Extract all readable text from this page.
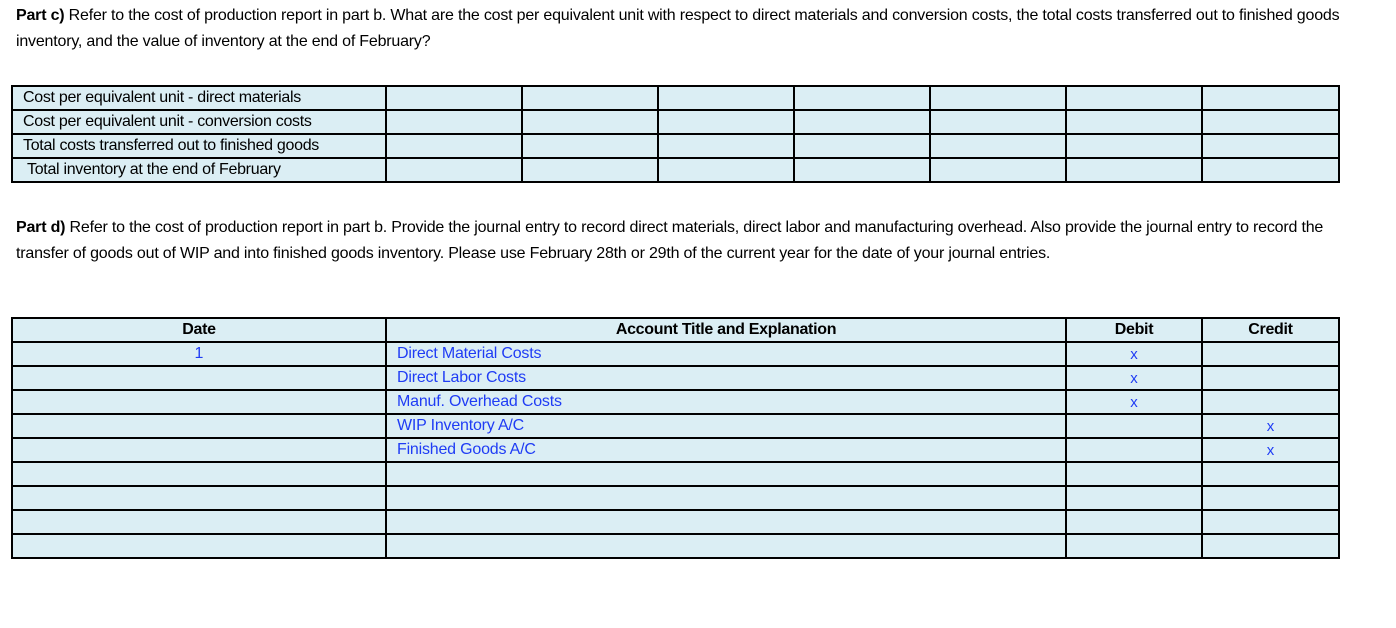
Part c) Refer to the cost of production report in part b. What are the cost per equivalent unit with respect to direct materials and conversion costs, the total costs transferred out to finished goods inventory, and the value of inventory at the end of February?
Cost per equivalent unit - direct materials							
Cost per equivalent unit - conversion costs							
Total costs transferred out to finished goods							
Total inventory at the end of February							
Part d) Refer to the cost of production report in part b. Provide the journal entry to record direct materials, direct labor and manufacturing overhead. Also provide the journal entry to record the transfer of goods out of WIP and into finished goods inventory. Please use February 28th or 29th of the current year for the date of your journal entries.
Date	Account Title and Explanation	Debit	Credit
1	Direct Material Costs	x	
	Direct Labor Costs	x	
	Manuf. Overhead Costs	x	
	WIP Inventory A/C		x
	Finished Goods A/C		x
